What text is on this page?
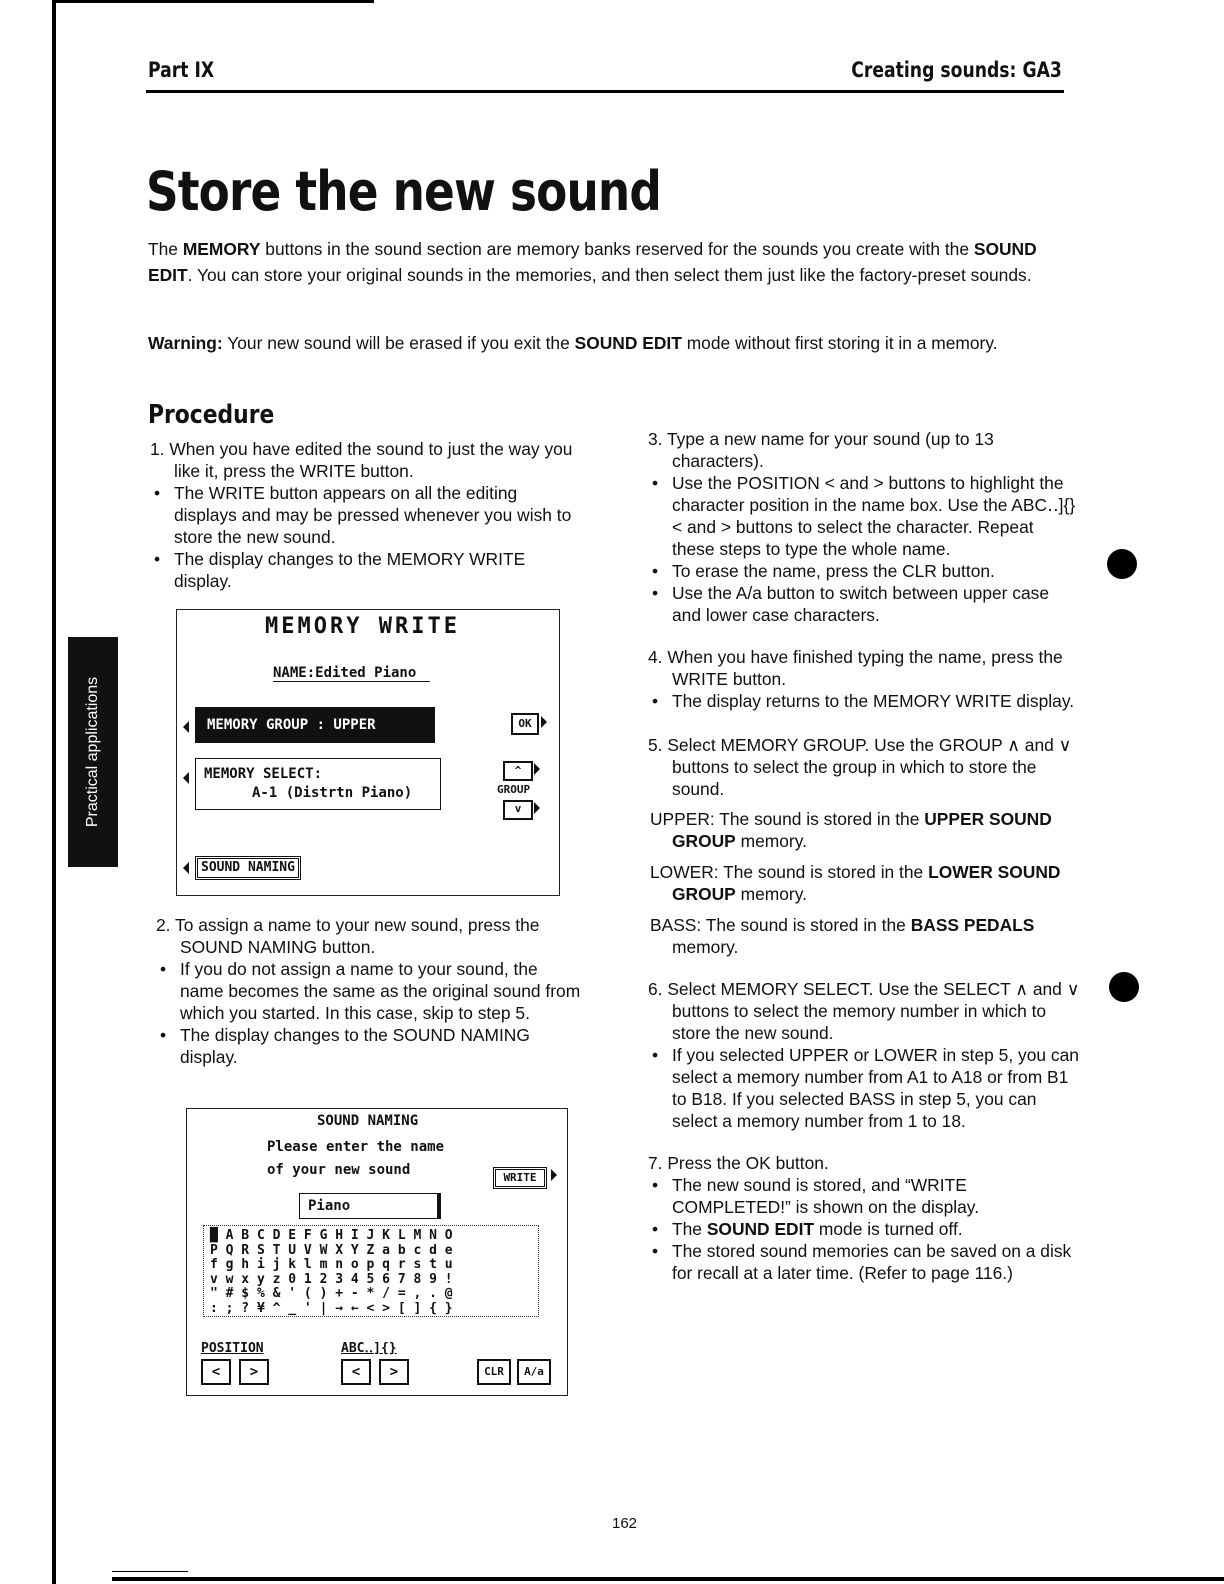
Part IX	Creating sounds: GA3
Store the new sound
The MEMORY buttons in the sound section are memory banks reserved for the sounds you create with the SOUND EDIT. You can store your original sounds in the memories, and then select them just like the factory-preset sounds.
Warning: Your new sound will be erased if you exit the SOUND EDIT mode without first storing it in a memory.
Procedure
Practical applications

1. When you have edited the sound to just the way you like it, press the WRITE button.

• The WRITE button appears on all the editing displays and may be pressed whenever you wish to store the new sound.

• The display changes to the MEMORY WRITE display.

MEMORY WRITE
NAME:Edited Piano
MEMORY GROUP : UPPER	OK
MEMORY SELECT:
A-1 (Distrtn Piano)
^
GROUP
v
SOUND NAMING

2. To assign a name to your new sound, press the SOUND NAMING button.

• If you do not assign a name to your sound, the name becomes the same as the original sound from which you started. In this case, skip to step 5.

• The display changes to the SOUND NAMING display.

SOUND NAMING
Please enter the name
of your new sound	WRITE
Piano
█ A B C D E F G H I J K L M N O
P Q R S T U V W X Y Z a b c d e
f g h i j k l m n o p q r s t u
v w x y z 0 1 2 3 4 5 6 7 8 9 !
" # $ % & ' ( ) + - * / = , . @
: ; ? ¥ ^ _ ' | → ← < > [ ] { }
POSITION	ABC‥]{}
<	>	<	>	CLR	A/a

3. Type a new name for your sound (up to 13 characters).

• Use the POSITION < and > buttons to highlight the character position in the name box. Use the ABC‥]{} < and > buttons to select the character. Repeat these steps to type the whole name.

• To erase the name, press the CLR button.

• Use the A/a button to switch between upper case and lower case characters.

4. When you have finished typing the name, press the WRITE button.

• The display returns to the MEMORY WRITE display.

5. Select MEMORY GROUP. Use the GROUP ∧ and ∨ buttons to select the group in which to store the sound.

UPPER: The sound is stored in the UPPER SOUND GROUP memory.

LOWER: The sound is stored in the LOWER SOUND GROUP memory.

BASS: The sound is stored in the BASS PEDALS memory.

6. Select MEMORY SELECT. Use the SELECT ∧ and ∨ buttons to select the memory number in which to store the new sound.

• If you selected UPPER or LOWER in step 5, you can select a memory number from A1 to A18 or from B1 to B18. If you selected BASS in step 5, you can select a memory number from 1 to 18.

7. Press the OK button.

• The new sound is stored, and “WRITE COMPLETED!” is shown on the display.

• The SOUND EDIT mode is turned off.

• The stored sound memories can be saved on a disk for recall at a later time. (Refer to page 116.)

162
